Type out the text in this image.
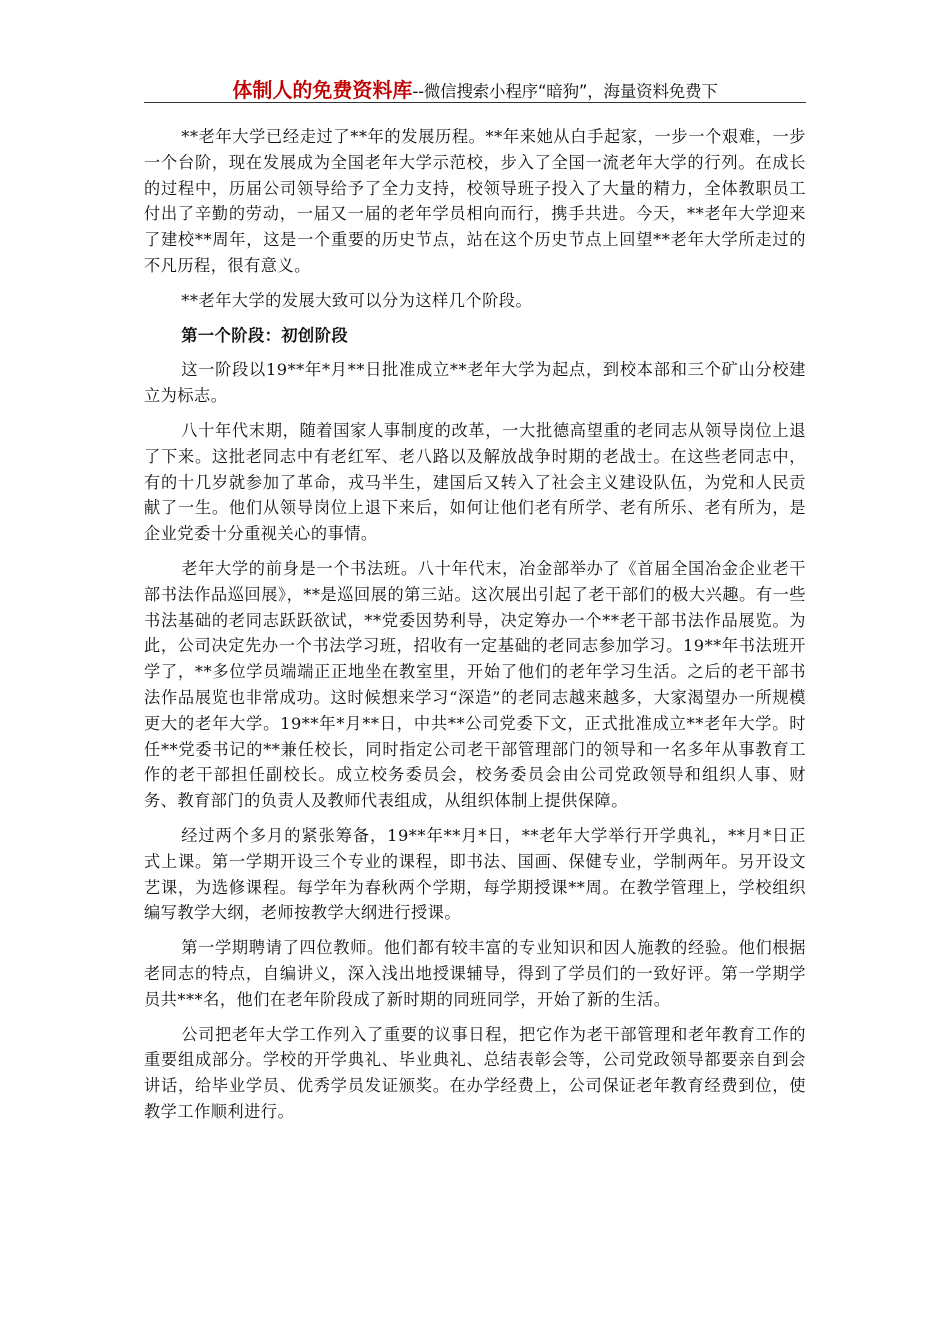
体制人的免费资料库--微信搜索小程序“暗狗”，海量资料免费下

**老年大学已经走过了**年的发展历程。**年来她从白手起家，一步一个艰难，一步一个台阶，现在发展成为全国老年大学示范校，步入了全国一流老年大学的行列。在成长的过程中，历届公司领导给予了全力支持，校领导班子投入了大量的精力，全体教职员工付出了辛勤的劳动，一届又一届的老年学员相向而行，携手共进。今天，**老年大学迎来了建校**周年，这是一个重要的历史节点，站在这个历史节点上回望**老年大学所走过的不凡历程，很有意义。

**老年大学的发展大致可以分为这样几个阶段。

第一个阶段：初创阶段

这一阶段以19**年*月**日批准成立**老年大学为起点，到校本部和三个矿山分校建立为标志。

八十年代末期，随着国家人事制度的改革，一大批德高望重的老同志从领导岗位上退了下来。这批老同志中有老红军、老八路以及解放战争时期的老战士。在这些老同志中，有的十几岁就参加了革命，戎马半生，建国后又转入了社会主义建设队伍，为党和人民贡献了一生。他们从领导岗位上退下来后，如何让他们老有所学、老有所乐、老有所为，是企业党委十分重视关心的事情。

老年大学的前身是一个书法班。八十年代末，冶金部举办了《首届全国冶金企业老干部书法作品巡回展》，**是巡回展的第三站。这次展出引起了老干部们的极大兴趣。有一些书法基础的老同志跃跃欲试，**党委因势利导，决定筹办一个**老干部书法作品展览。为此，公司决定先办一个书法学习班，招收有一定基础的老同志参加学习。19**年书法班开学了，**多位学员端端正正地坐在教室里，开始了他们的老年学习生活。之后的老干部书法作品展览也非常成功。这时候想来学习“深造”的老同志越来越多，大家渴望办一所规模更大的老年大学。19**年*月**日，中共**公司党委下文，正式批准成立**老年大学。时任**党委书记的**兼任校长，同时指定公司老干部管理部门的领导和一名多年从事教育工作的老干部担任副校长。成立校务委员会，校务委员会由公司党政领导和组织人事、财务、教育部门的负责人及教师代表组成，从组织体制上提供保障。

经过两个多月的紧张筹备，19**年**月*日，**老年大学举行开学典礼，**月*日正式上课。第一学期开设三个专业的课程，即书法、国画、保健专业，学制两年。另开设文艺课，为选修课程。每学年为春秋两个学期，每学期授课**周。在教学管理上，学校组织编写教学大纲，老师按教学大纲进行授课。

第一学期聘请了四位教师。他们都有较丰富的专业知识和因人施教的经验。他们根据老同志的特点，自编讲义，深入浅出地授课辅导，得到了学员们的一致好评。第一学期学员共***名，他们在老年阶段成了新时期的同班同学，开始了新的生活。

公司把老年大学工作列入了重要的议事日程，把它作为老干部管理和老年教育工作的重要组成部分。学校的开学典礼、毕业典礼、总结表彰会等，公司党政领导都要亲自到会讲话，给毕业学员、优秀学员发证颁奖。在办学经费上，公司保证老年教育经费到位，使教学工作顺利进行。
